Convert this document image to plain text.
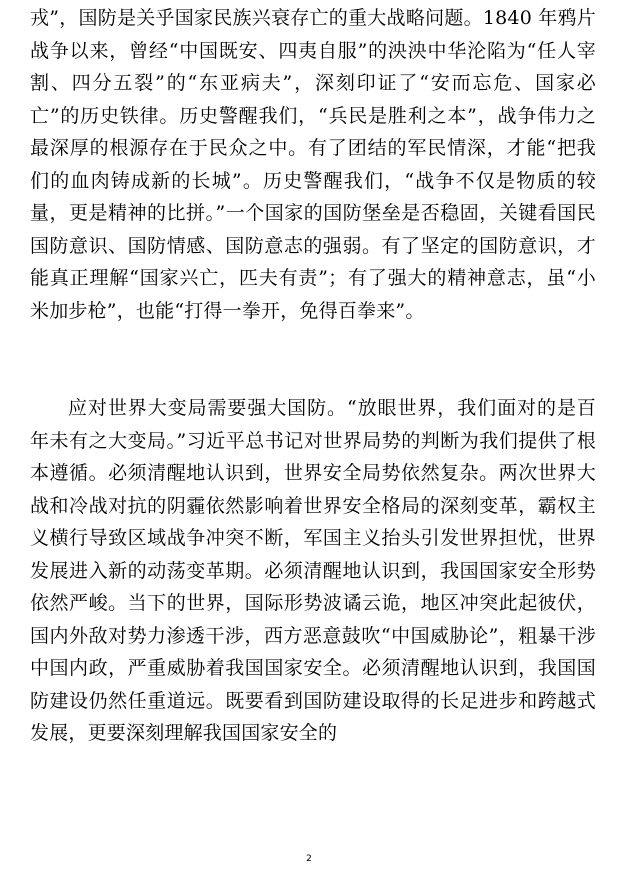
戎”，国防是关乎国家民族兴衰存亡的重大战略问题。1840 年鸦片战争以来，曾经“中国既安、四夷自服”的泱泱中华沦陷为“任人宰割、四分五裂”的“东亚病夫”，深刻印证了“安而忘危、国家必亡”的历史铁律。历史警醒我们，“兵民是胜利之本”，战争伟力之最深厚的根源存在于民众之中。有了团结的军民情深，才能“把我们的血肉铸成新的长城”。历史警醒我们，“战争不仅是物质的较量，更是精神的比拼。”一个国家的国防堡垒是否稳固，关键看国民国防意识、国防情感、国防意志的强弱。有了坚定的国防意识，才能真正理解“国家兴亡，匹夫有责”；有了强大的精神意志，虽“小米加步枪”，也能“打得一拳开，免得百拳来”。

应对世界大变局需要强大国防。“放眼世界，我们面对的是百年未有之大变局。”习近平总书记对世界局势的判断为我们提供了根本遵循。必须清醒地认识到，世界安全局势依然复杂。两次世界大战和冷战对抗的阴霾依然影响着世界安全格局的深刻变革，霸权主义横行导致区域战争冲突不断，军国主义抬头引发世界担忧，世界发展进入新的动荡变革期。必须清醒地认识到，我国国家安全形势依然严峻。当下的世界，国际形势波谲云诡，地区冲突此起彼伏，国内外敌对势力渗透干涉，西方恶意鼓吹“中国威胁论”，粗暴干涉中国内政，严重威胁着我国国家安全。必须清醒地认识到，我国国防建设仍然任重道远。既要看到国防建设取得的长足进步和跨越式发展，更要深刻理解我国国家安全的

2
